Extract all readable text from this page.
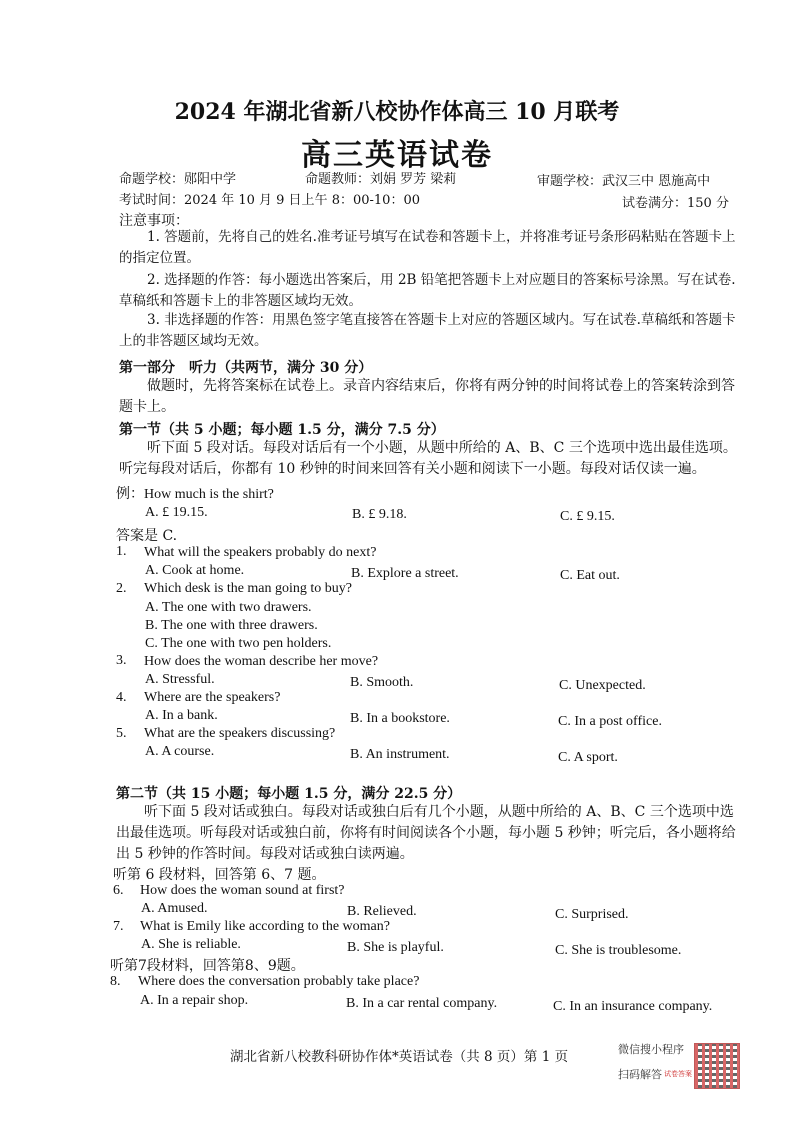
2024 年湖北省新八校协作体高三 10 月联考
高三英语试卷
命题学校：郧阳中学	命题教师：刘娟 罗芳 梁莉	审题学校：武汉三中 恩施高中
考试时间：2024 年 10 月 9 日上午 8：00-10：00	试卷满分：150 分
注意事项：
1. 答题前，先将自己的姓名.准考证号填写在试卷和答题卡上，并将准考证号条形码粘贴在答题卡上的指定位置。
2. 选择题的作答：每小题选出答案后，用 2B 铅笔把答题卡上对应题目的答案标号涂黑。写在试卷.草稿纸和答题卡上的非答题区域均无效。
3. 非选择题的作答：用黑色签字笔直接答在答题卡上对应的答题区域内。写在试卷.草稿纸和答题卡上的非答题区域均无效。
第一部分　听力（共两节，满分 30 分）
做题时，先将答案标在试卷上。录音内容结束后，你将有两分钟的时间将试卷上的答案转涂到答题卡上。
第一节（共 5 小题；每小题 1.5 分，满分 7.5 分）
听下面 5 段对话。每段对话后有一个小题，从题中所给的 A、B、C 三个选项中选出最佳选项。听完每段对话后，你都有 10 秒钟的时间来回答有关小题和阅读下一小题。每段对话仅读一遍。
例：How much is the shirt?
A. £ 19.15.	B. £ 9.18.	C. £ 9.15.
答案是 C.
1. What will the speakers probably do next?
A. Cook at home.	B. Explore a street.	C. Eat out.
2. Which desk is the man going to buy?
A. The one with two drawers.
B. The one with three drawers.
C. The one with two pen holders.
3. How does the woman describe her move?
A. Stressful.	B. Smooth.	C. Unexpected.
4. Where are the speakers?
A. In a bank.	B. In a bookstore.	C. In a post office.
5. What are the speakers discussing?
A. A course.	B. An instrument.	C. A sport.
第二节（共 15 小题；每小题 1.5 分，满分 22.5 分）
听下面 5 段对话或独白。每段对话或独白后有几个小题，从题中所给的 A、B、C 三个选项中选出最佳选项。听每段对话或独白前，你将有时间阅读各个小题，每小题 5 秒钟；听完后，各小题将给出 5 秒钟的作答时间。每段对话或独白读两遍。
听第 6 段材料，回答第 6、7 题。
6. How does the woman sound at first?
A. Amused.	B. Relieved.	C. Surprised.
7. What is Emily like according to the woman?
A. She is reliable.	B. She is playful.	C. She is troublesome.
听第7段材料，回答第8、9题。
8. Where does the conversation probably take place?
A. In a repair shop.	B. In a car rental company.	C. In an insurance company.
湖北省新八校教科研协作体*英语试卷（共 8 页）第 1 页	微信搜小程序
扫码解答 试卷答案
